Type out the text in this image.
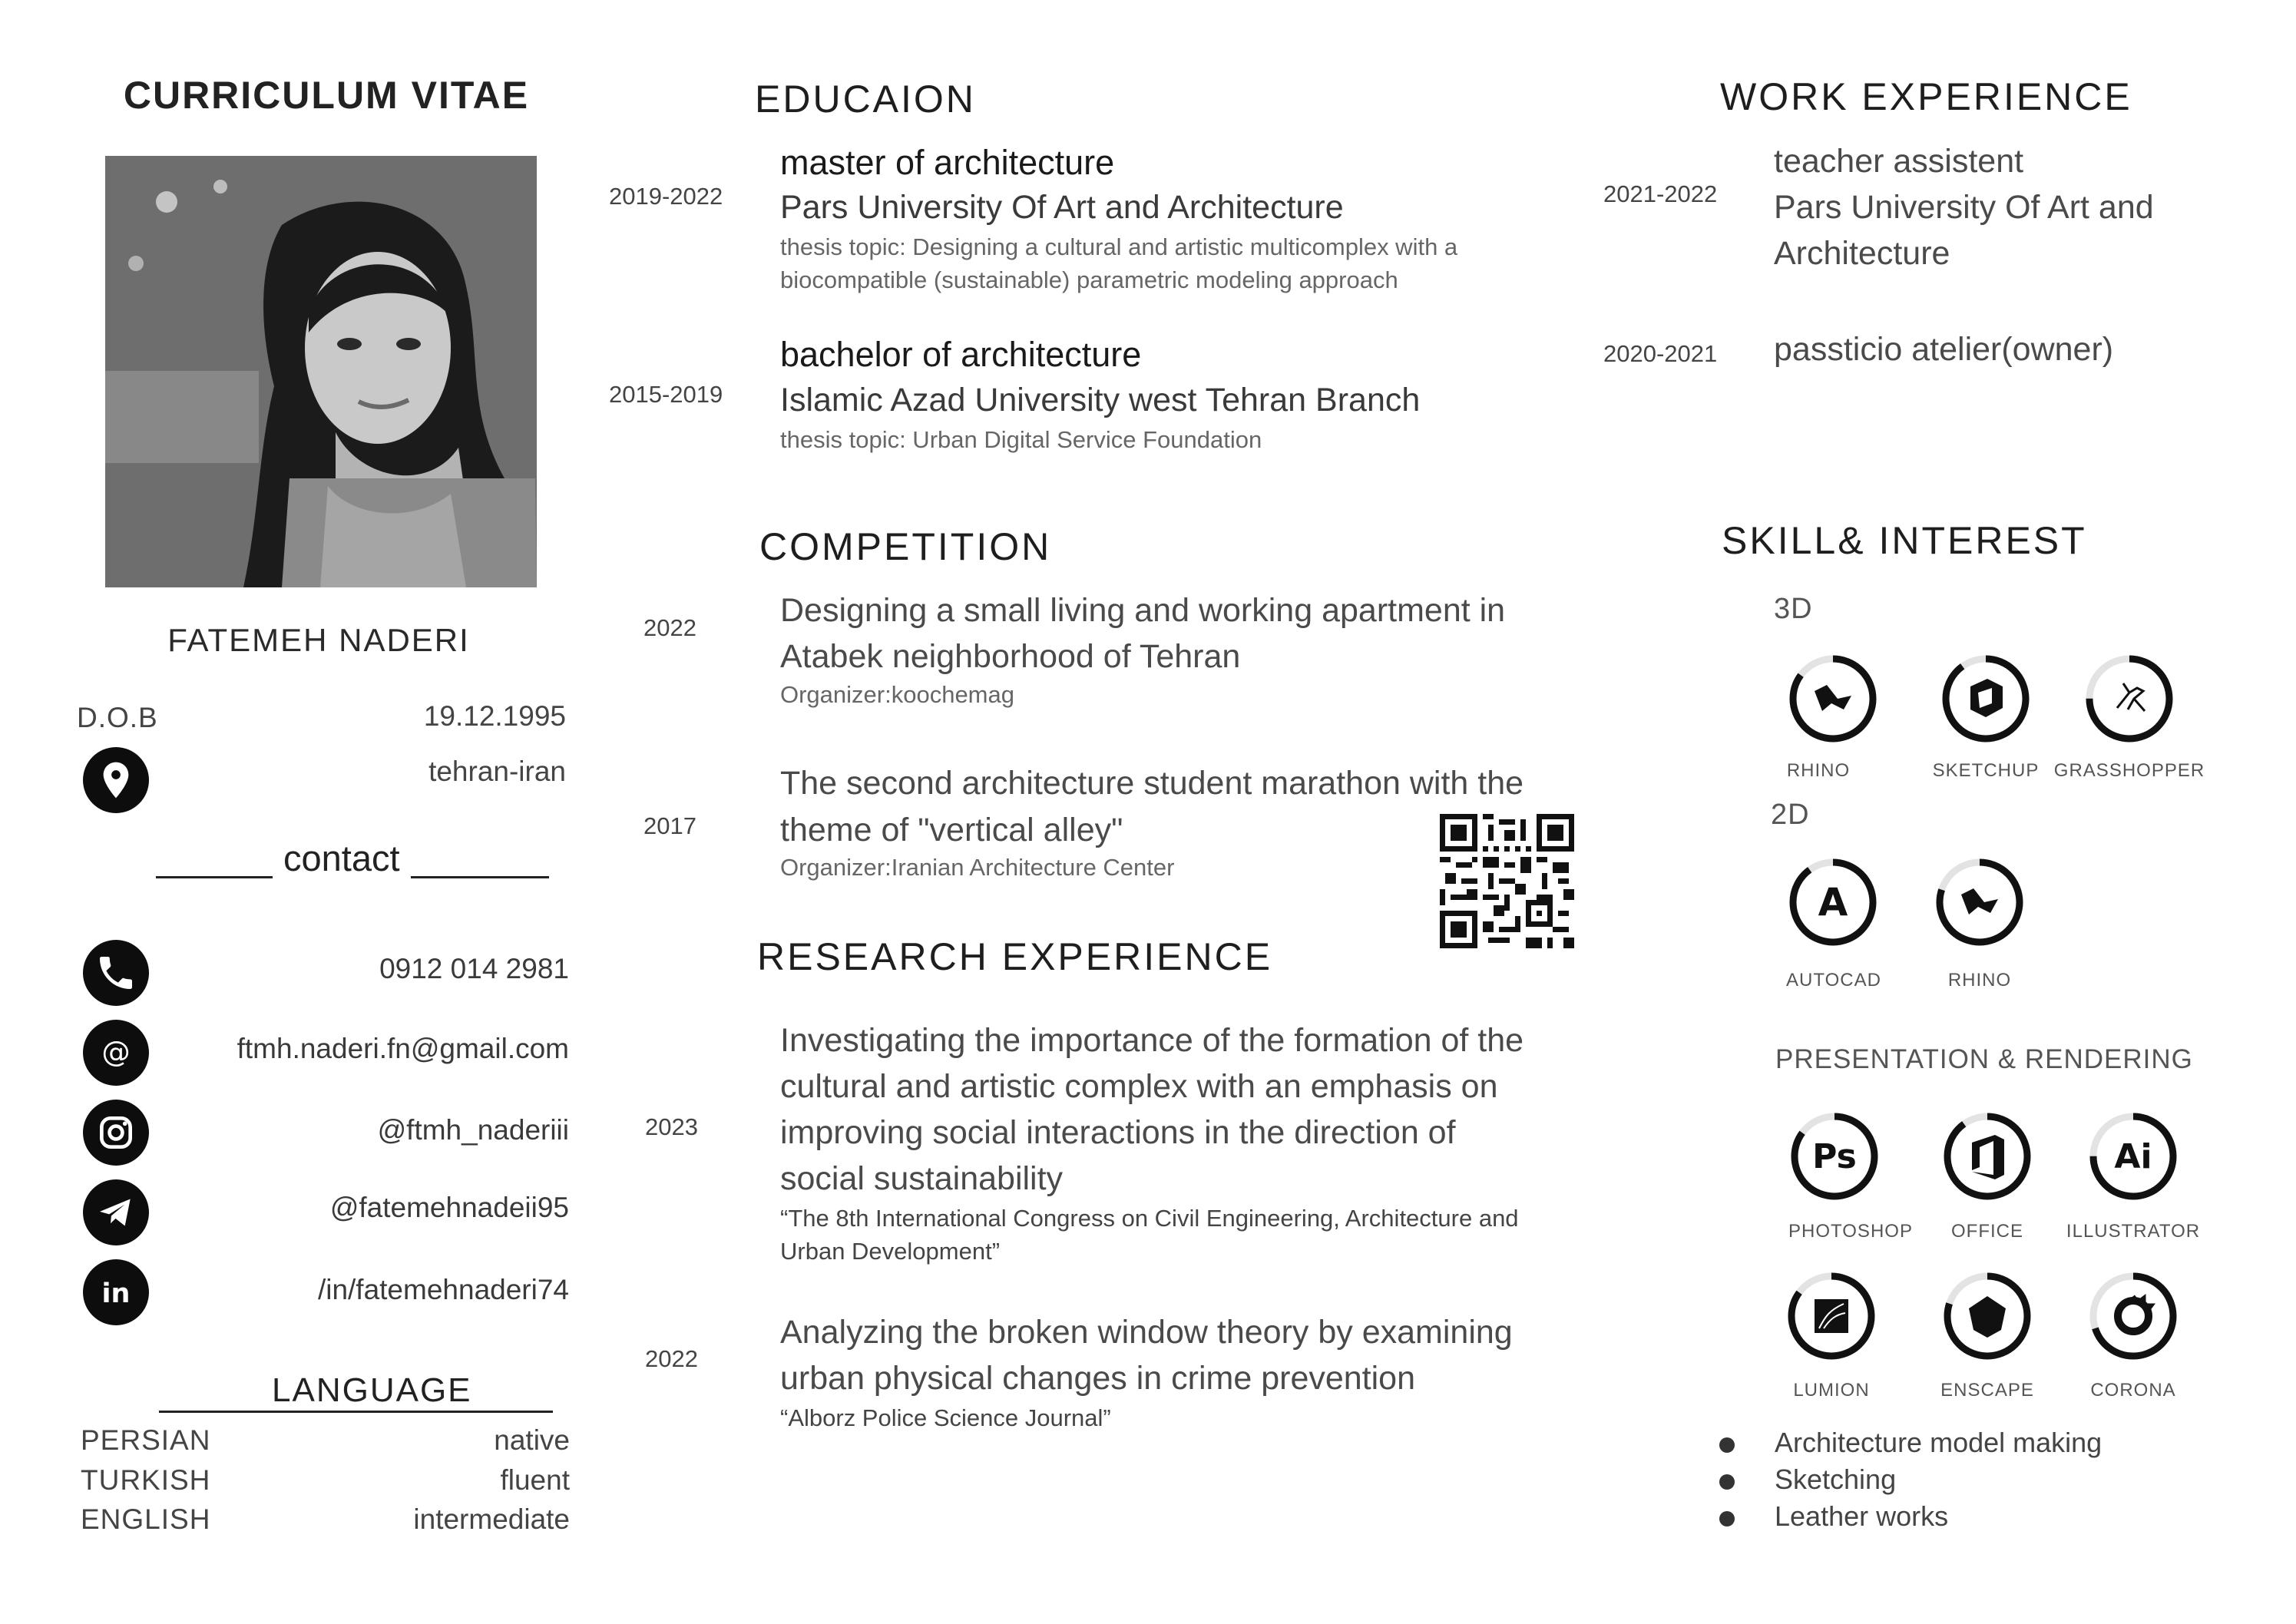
CURRICULUM VITAE
FATEMEH NADERI
D.O.B	19.12.1995
tehran-iran
contact
0912 014 2981
@	ftmh.naderi.fn@gmail.com
@ftmh_naderiii
@fatemehnadeii95
in	/in/fatemehnaderi74
LANGUAGE
PERSIAN	native
TURKISH	fluent
ENGLISH	intermediate
EDUCAION
2019-2022
master of architecture
Pars University Of Art and Architecture
thesis topic: Designing a cultural and artistic multicomplex with a
biocompatible (sustainable) parametric modeling approach
2015-2019
bachelor of architecture
Islamic Azad University west Tehran Branch
thesis topic: Urban Digital Service Foundation
COMPETITION
2022	Designing a small living and working apartment in
Atabek neighborhood of Tehran
Organizer:koochemag
2017
The second architecture student marathon with the
theme of "vertical alley"
Organizer:Iranian Architecture Center
RESEARCH EXPERIENCE
2023
Investigating the importance of the formation of the
cultural and artistic complex with an emphasis on
improving social interactions in the direction of
social sustainability
“The 8th International Congress on Civil Engineering, Architecture and
Urban Development”
2022
Analyzing the broken window theory by examining
urban physical changes in crime prevention
“Alborz Police Science Journal”
WORK EXPERIENCE
2021-2022
teacher assistent
Pars University Of Art and
Architecture
2020-2021 passticio atelier(owner)
SKILL& INTEREST
3D
RHINO	SKETCHUP GRASSHOPPER
2D
A
AUTOCAD	RHINO
PRESENTATION & RENDERING
Ps
PHOTOSHOP	OFFICE
Ai
ILLUSTRATOR
LUMION	ENSCAPE	CORONA
Architecture model making
Sketching
Leather works
